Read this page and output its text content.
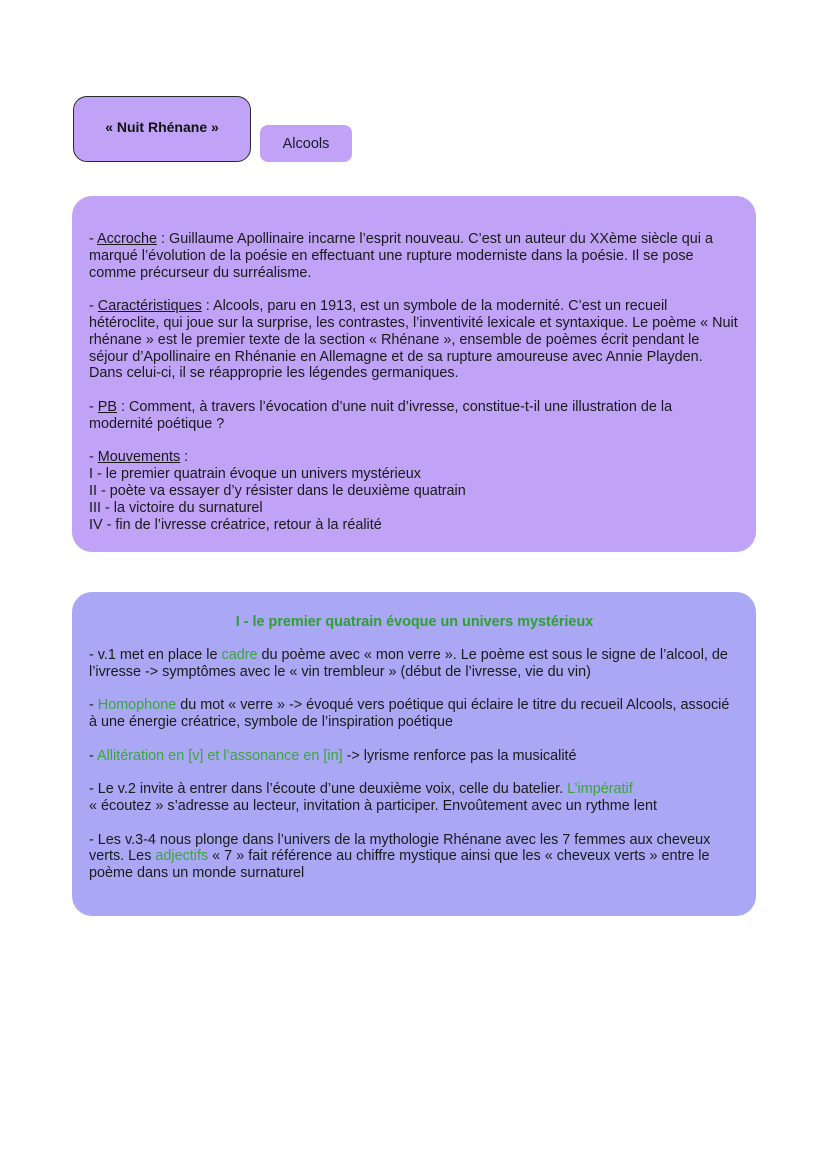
« Nuit Rhénane »
Alcools

- Accroche : Guillaume Apollinaire incarne l’esprit nouveau. C’est un auteur du XXème siècle qui a marqué l’évolution de la poésie en effectuant une rupture moderniste dans la poésie. Il se pose comme précurseur du surréalisme.

- Caractéristiques : Alcools, paru en 1913, est un symbole de la modernité. C’est un recueil hétéroclite, qui joue sur la surprise, les contrastes, l’inventivité lexicale et syntaxique. Le poème « Nuit rhénane » est le premier texte de la section « Rhénane », ensemble de poèmes écrit pendant le séjour d’Apollinaire en Rhénanie en Allemagne et de sa rupture amoureuse avec Annie Playden. Dans celui-ci, il se réapproprie les légendes germaniques.

- PB : Comment, à travers l’évocation d’une nuit d’ivresse, constitue-t-il une illustration de la modernité poétique ?

- Mouvements :
I - le premier quatrain évoque un univers mystérieux
II - poète va essayer d’y résister dans le deuxième quatrain
III - la victoire du surnaturel
IV - fin de l’ivresse créatrice, retour à la réalité
I - le premier quatrain évoque un univers mystérieux

- v.1 met en place le cadre du poème avec « mon verre ». Le poème est sous le signe de l’alcool, de l’ivresse -> symptômes avec le « vin trembleur » (début de l’ivresse, vie du vin)

- Homophone du mot « verre » -> évoqué vers poétique qui éclaire le titre du recueil Alcools, associé à une énergie créatrice, symbole de l’inspiration poétique

- Allitération en [v] et l’assonance en [in] -> lyrisme renforce pas la musicalité

- Le v.2 invite à entrer dans l’écoute d’une deuxième voix, celle du batelier. L’impératif
« écoutez » s’adresse au lecteur, invitation à participer. Envoûtement avec un rythme lent

- Les v.3-4 nous plonge dans l’univers de la mythologie Rhénane avec les 7 femmes aux cheveux verts. Les adjectifs « 7 » fait référence au chiffre mystique ainsi que les « cheveux verts » entre le poème dans un monde surnaturel
